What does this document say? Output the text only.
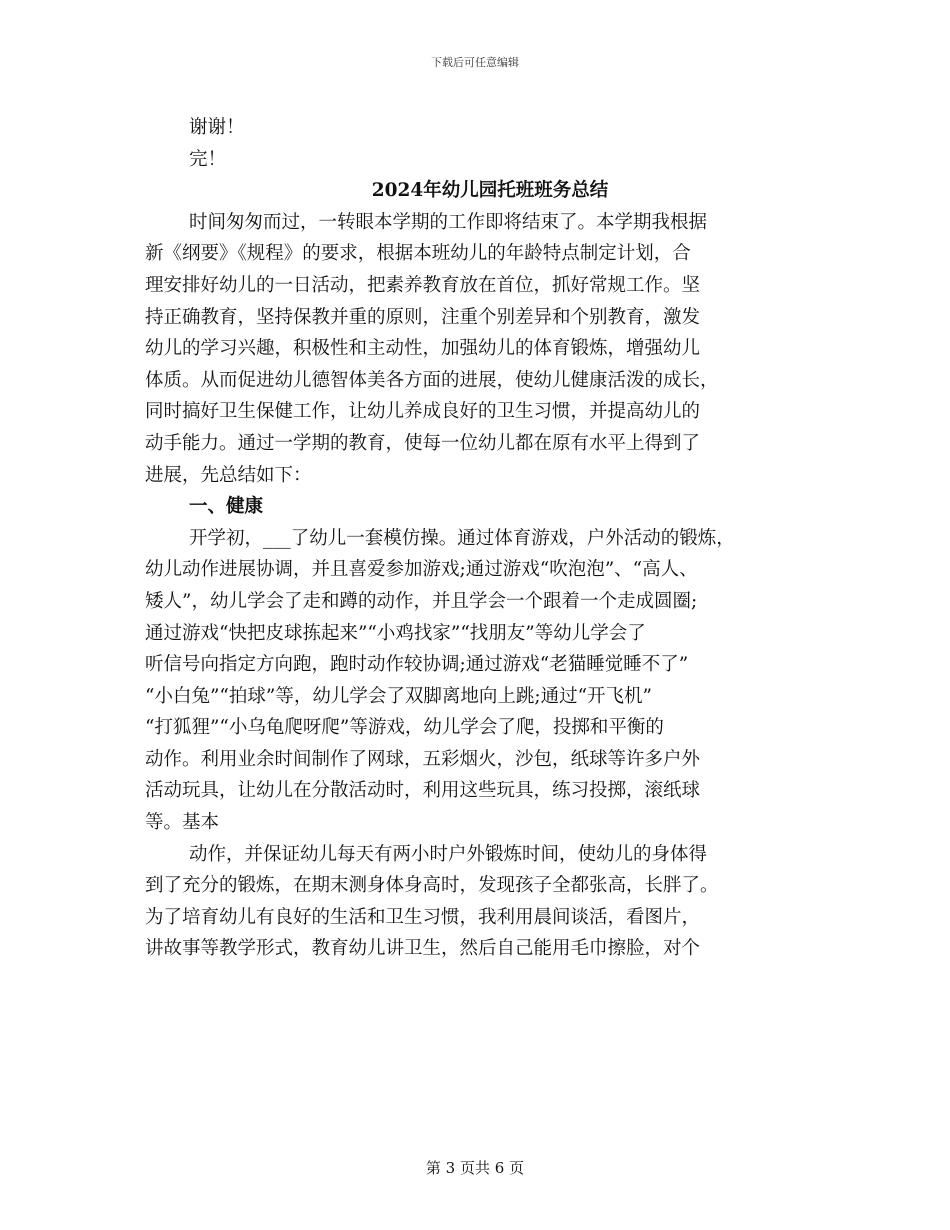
下载后可任意编辑
谢谢！
完！
2024年幼儿园托班班务总结
时间匆匆而过，一转眼本学期的工作即将结束了。本学期我根据
新《纲要》《规程》的要求，根据本班幼儿的年龄特点制定计划，合
理安排好幼儿的一日活动，把素养教育放在首位，抓好常规工作。坚
持正确教育，坚持保教并重的原则，注重个别差异和个别教育，激发
幼儿的学习兴趣，积极性和主动性，加强幼儿的体育锻炼，增强幼儿
体质。从而促进幼儿德智体美各方面的进展，使幼儿健康活泼的成长，
同时搞好卫生保健工作，让幼儿养成良好的卫生习惯，并提高幼儿的
动手能力。通过一学期的教育，使每一位幼儿都在原有水平上得到了
进展，先总结如下：
一、健康
开学初，___了幼儿一套模仿操。通过体育游戏，户外活动的锻炼，
幼儿动作进展协调，并且喜爱参加游戏;通过游戏“吹泡泡”、“高人、
矮人”，幼儿学会了走和蹲的动作，并且学会一个跟着一个走成圆圈;
通过游戏“快把皮球拣起来”“小鸡找家”“找朋友”等幼儿学会了
听信号向指定方向跑，跑时动作较协调;通过游戏“老猫睡觉睡不了”
“小白兔”“拍球”等，幼儿学会了双脚离地向上跳;通过“开飞机”
“打狐狸”“小乌龟爬呀爬”等游戏，幼儿学会了爬，投掷和平衡的
动作。利用业余时间制作了网球，五彩烟火，沙包，纸球等许多户外
活动玩具，让幼儿在分散活动时，利用这些玩具，练习投掷，滚纸球
等。基本
动作，并保证幼儿每天有两小时户外锻炼时间，使幼儿的身体得
到了充分的锻炼，在期末测身体身高时，发现孩子全都张高，长胖了。
为了培育幼儿有良好的生活和卫生习惯，我利用晨间谈活，看图片，
讲故事等教学形式，教育幼儿讲卫生，然后自己能用毛巾擦脸，对个
第 3 页共 6 页
